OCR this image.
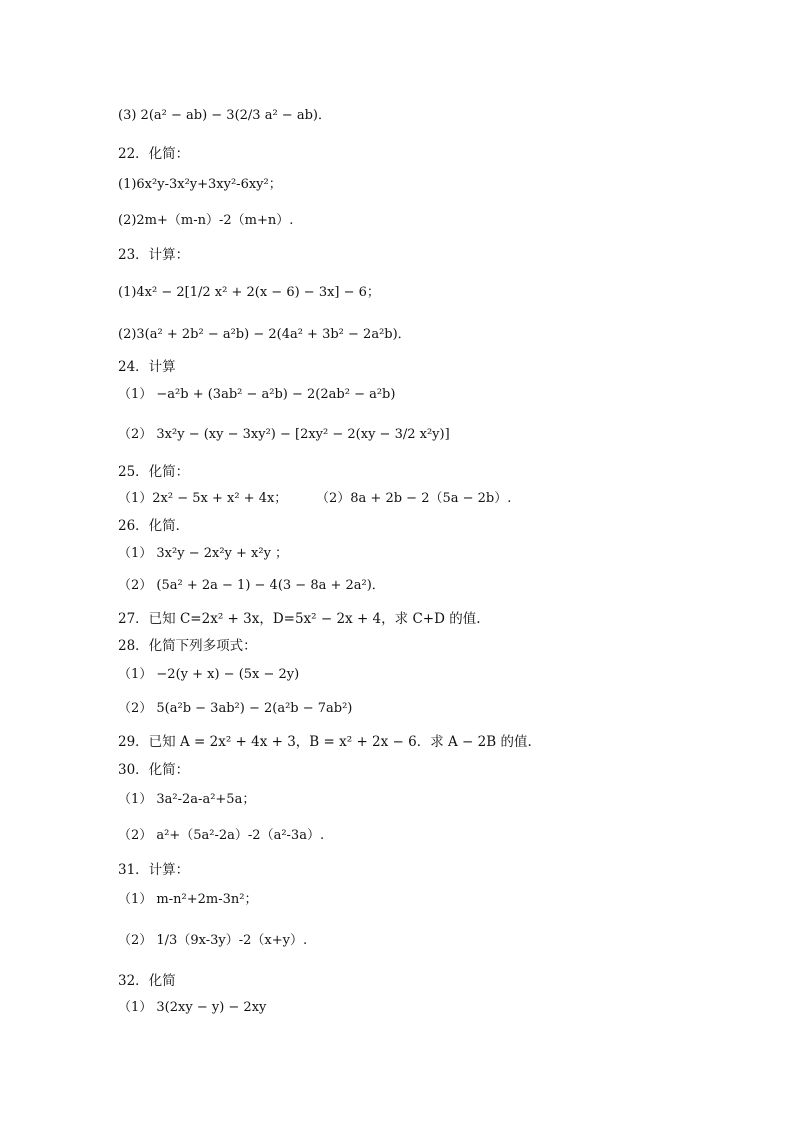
(3) 2(a² − ab) − 3(2/3 a² − ab)．
22．化简：
(1)6x²y-3x²y+3xy²-6xy²；
(2)2m+（m-n）-2（m+n）.
23．计算：
(1)4x² − 2[1/2 x² + 2(x − 6) − 3x] − 6；
(2)3(a² + 2b² − a²b) − 2(4a² + 3b² − 2a²b)．
24．计算
（1） −a²b + (3ab² − a²b) − 2(2ab² − a²b)
（2） 3x²y − (xy − 3xy²) − [2xy² − 2(xy − 3/2 x²y)]
25．化简：
（1）2x² − 5x + x² + 4x； （2）8a + 2b − 2（5a − 2b）.
26．化简．
（1） 3x²y − 2x²y + x²y ；
（2） (5a² + 2a − 1) − 4(3 − 8a + 2a²)．
27．已知 C=2x² + 3x，D=5x² − 2x + 4，求 C+D 的值.
28．化简下列多项式：
（1） −2(y + x) − (5x − 2y)
（2） 5(a²b − 3ab²) − 2(a²b − 7ab²)
29．已知 A = 2x² + 4x + 3，B = x² + 2x − 6．求 A − 2B 的值.
30．化简：
（1） 3a²-2a-a²+5a；
（2） a²+（5a²-2a）-2（a²-3a）.
31．计算：
（1） m-n²+2m-3n²；
（2） 1/3（9x-3y）-2（x+y）.
32．化简
（1） 3(2xy − y) − 2xy
